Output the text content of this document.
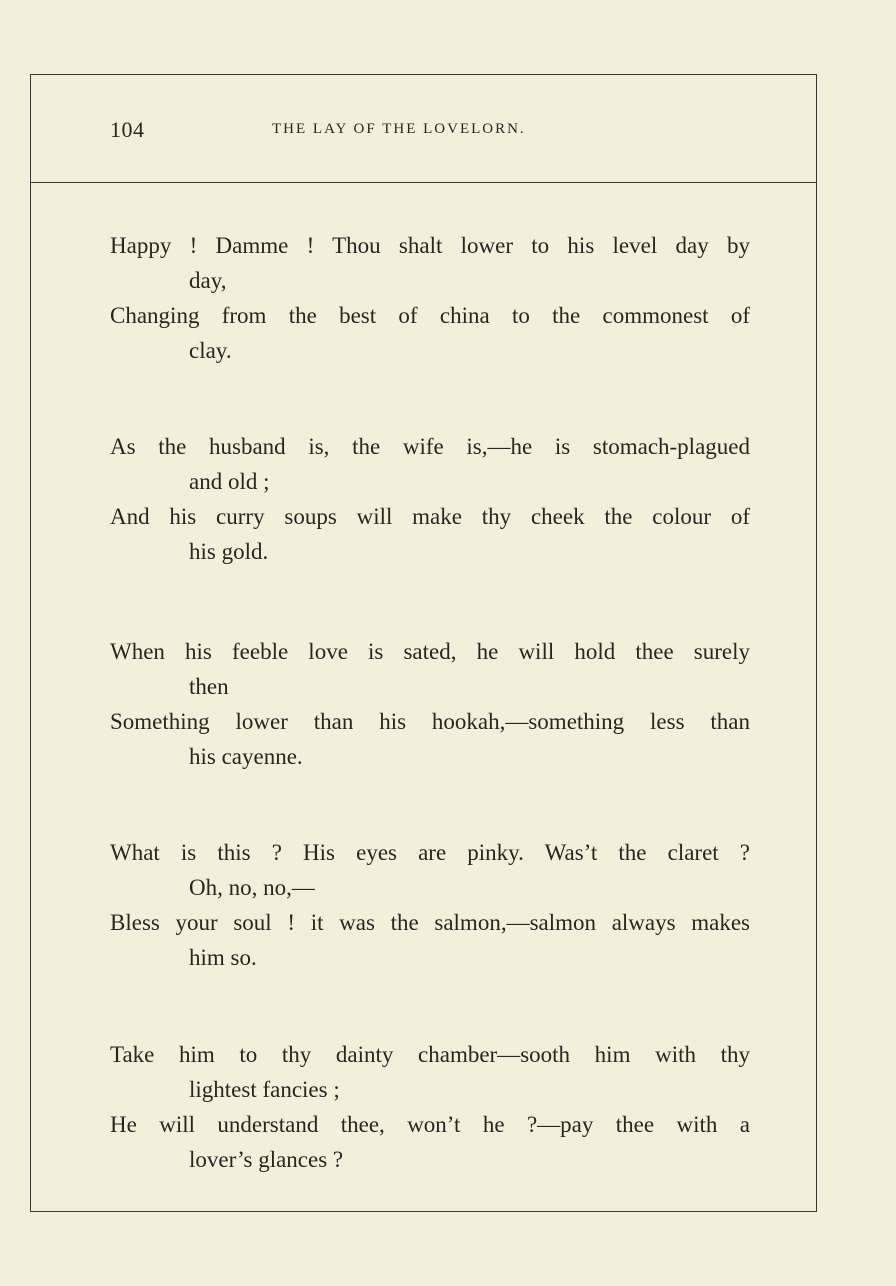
104	THE LAY OF THE LOVELORN.
Happy ! Damme ! Thou shalt lower to his level day by
day,
Changing from the best of china to the commonest of
clay.
As the husband is, the wife is,—he is stomach-plagued
and old ;
And his curry soups will make thy cheek the colour of
his gold.
When his feeble love is sated, he will hold thee surely
then
Something lower than his hookah,—something less than
his cayenne.
What is this ? His eyes are pinky. Was’t the claret ?
Oh, no, no,—
Bless your soul ! it was the salmon,—salmon always makes
him so.
Take him to thy dainty chamber—sooth him with thy
lightest fancies ;
He will understand thee, won’t he ?—pay thee with a
lover’s glances ?
